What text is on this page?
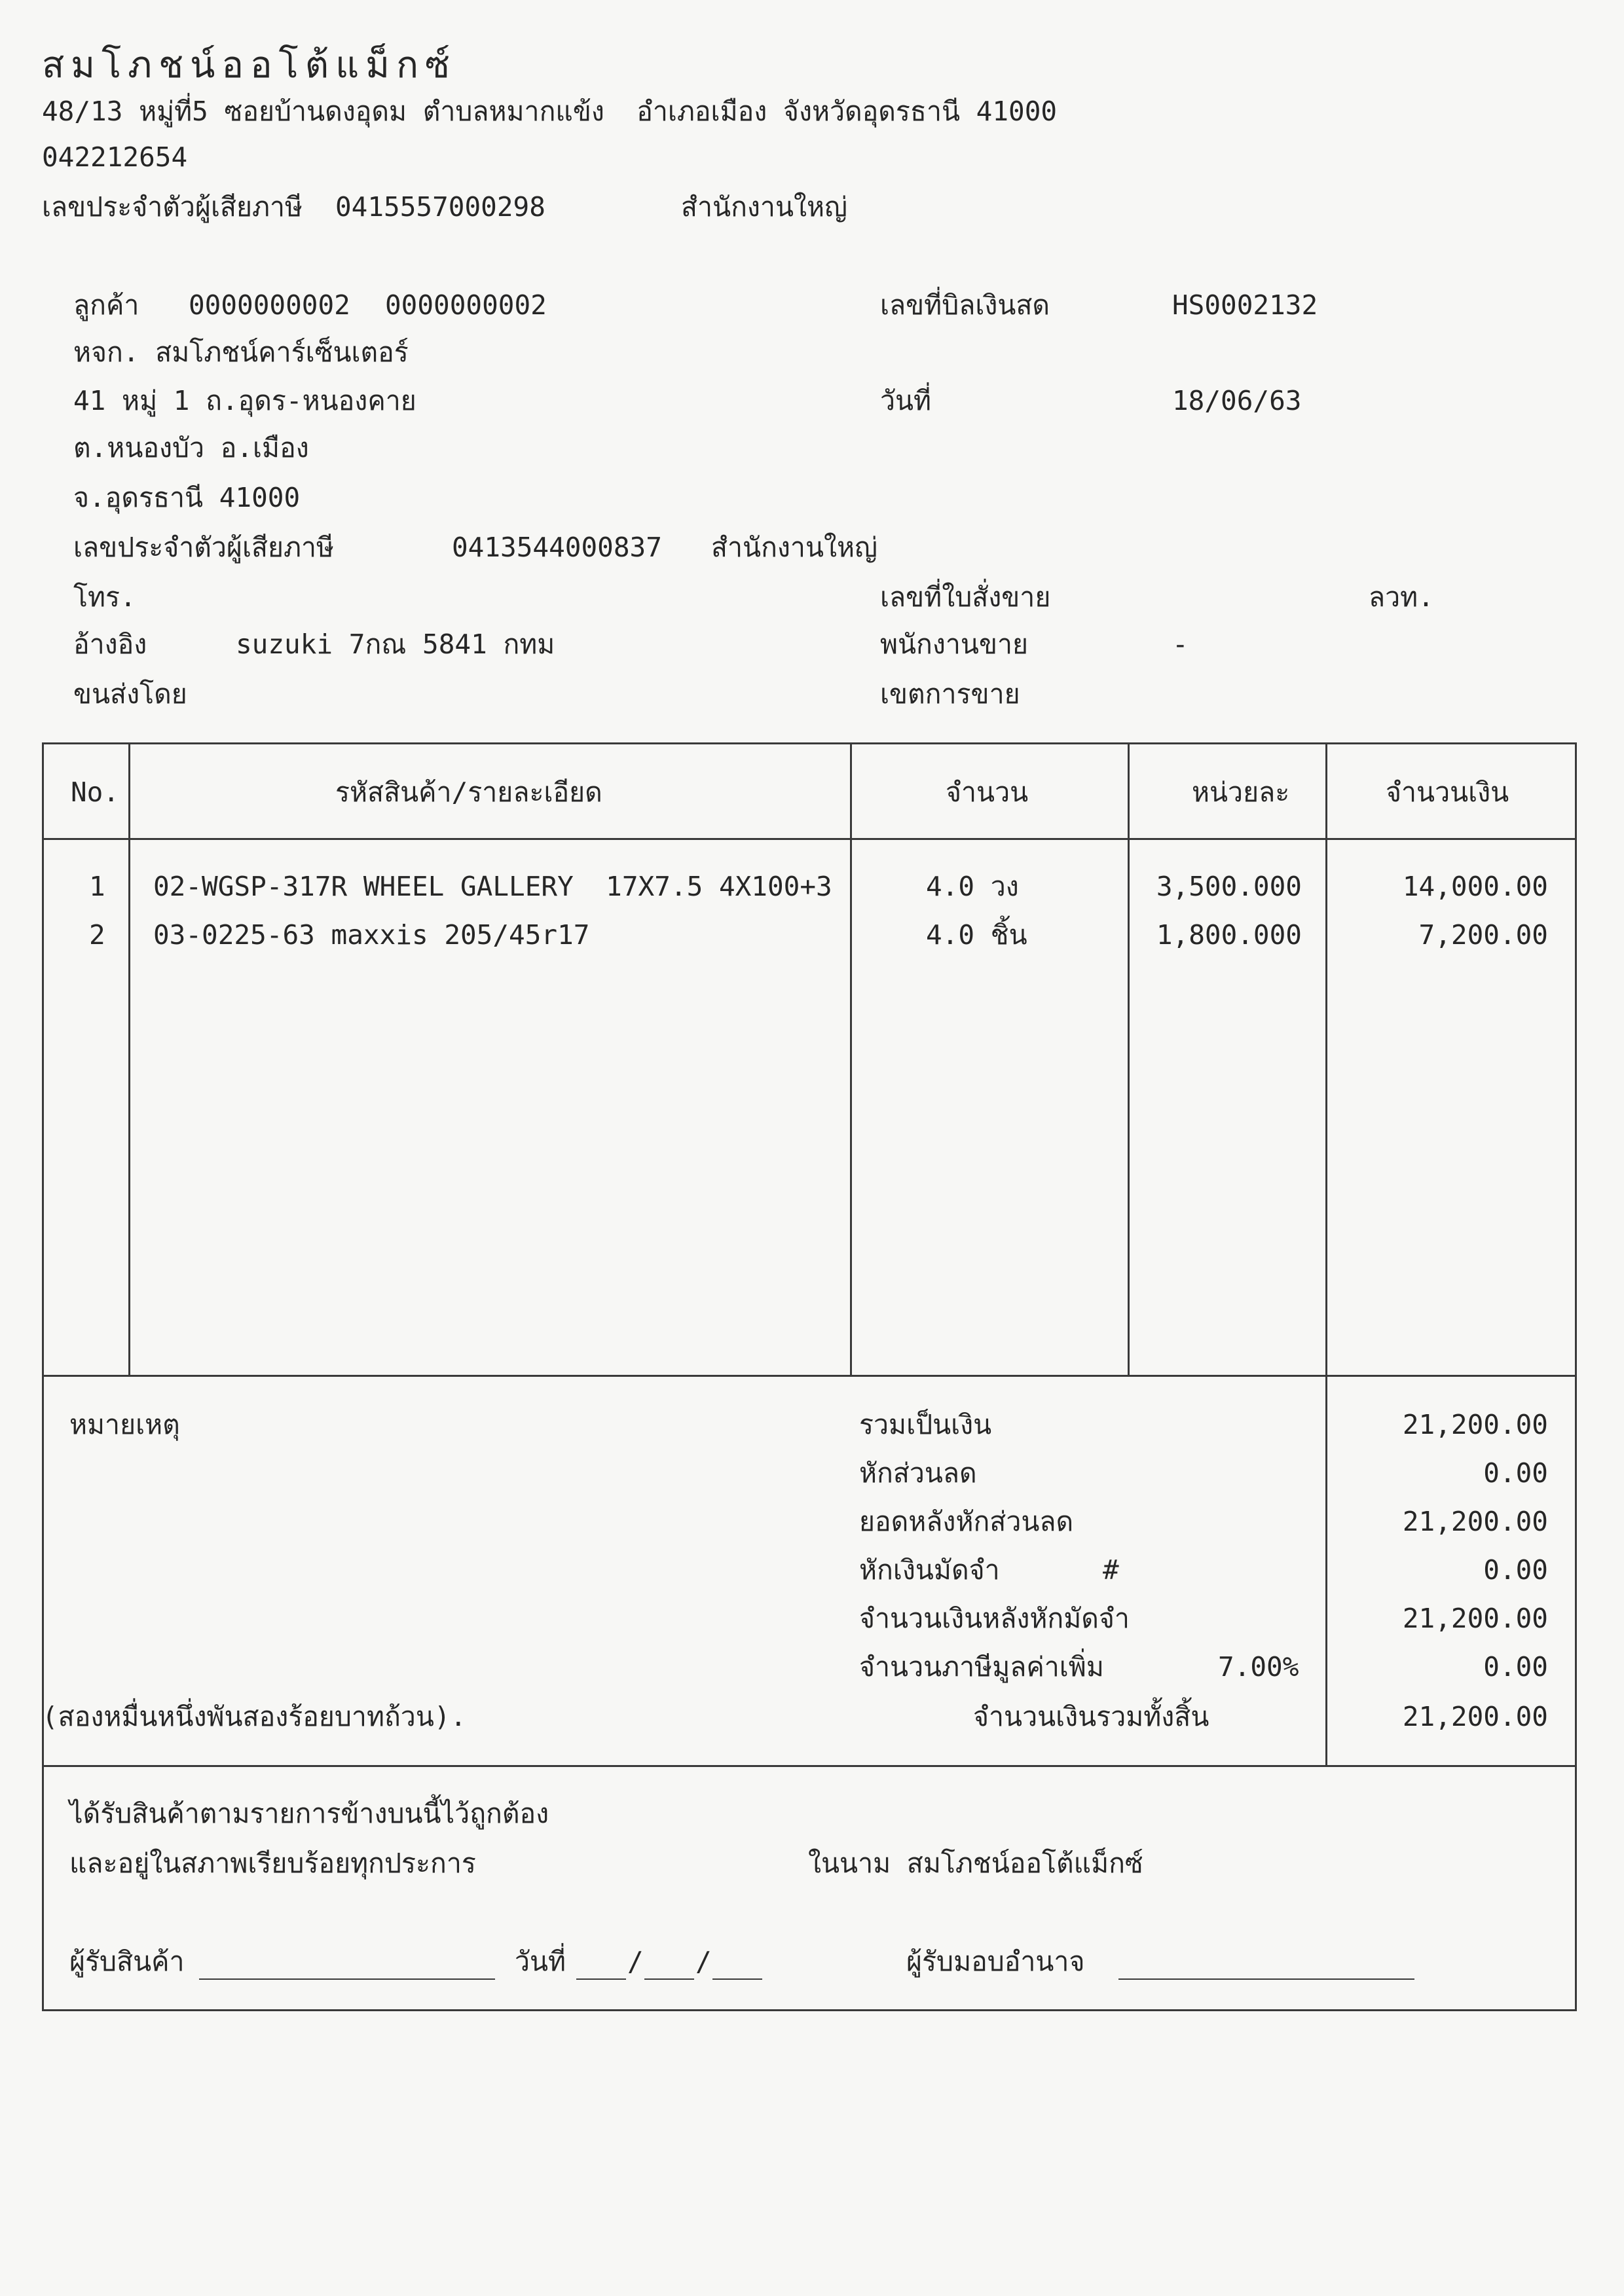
สมโภชน์ออโต้แม็กซ์
48/13 หมู่ที่5 ซอยบ้านดงอุดม ตำบลหมากแข้ง  อำเภอเมือง จังหวัดอุดรธานี 41000
042212654
เลขประจำตัวผู้เสียภาษี 0415557000298	สำนักงานใหญ่
ลูกค้า 0000000002 0000000002
หจก. สมโภชน์คาร์เซ็นเตอร์
41 หมู่ 1 ถ.อุดร-หนองคาย
ต.หนองบัว อ.เมือง
จ.อุดรธานี 41000
เลขประจำตัวผู้เสียภาษี	0413544000837 สำนักงานใหญ่
โทร.
อ้างอิง	suzuki 7กณ 5841 กทม
ขนส่งโดย
เลขที่บิลเงินสด	HS0002132
วันที่	18/06/63
เลขที่ใบสั่งขาย	ลวท.
พนักงานขาย	-
เขตการขาย
No.	รหัสสินค้า/รายละเอียด	จำนวน	หน่วยละ	จำนวนเงิน
1 02-WGSP-317R WHEEL GALLERY  17X7.5 4X100+3	4.0 วง	3,500.000	14,000.00
2 03-0225-63 maxxis 205/45r17	4.0 ชิ้น	1,800.000	7,200.00
หมายเหตุ
(สองหมื่นหนึ่งพันสองร้อยบาทถ้วน).
รวมเป็นเงิน	21,200.00
หักส่วนลด	0.00
ยอดหลังหักส่วนลด	21,200.00
หักเงินมัดจำ	#	0.00
จำนวนเงินหลังหักมัดจำ	21,200.00
จำนวนภาษีมูลค่าเพิ่ม	7.00%	0.00
จำนวนเงินรวมทั้งสิ้น	21,200.00
ได้รับสินค้าตามรายการข้างบนนี้ไว้ถูกต้อง
และอยู่ในสภาพเรียบร้อยทุกประการ	ในนาม สมโภชน์ออโต้แม็กซ์
ผู้รับสินค้า	วันที่ / /	ผู้รับมอบอำนาจ
